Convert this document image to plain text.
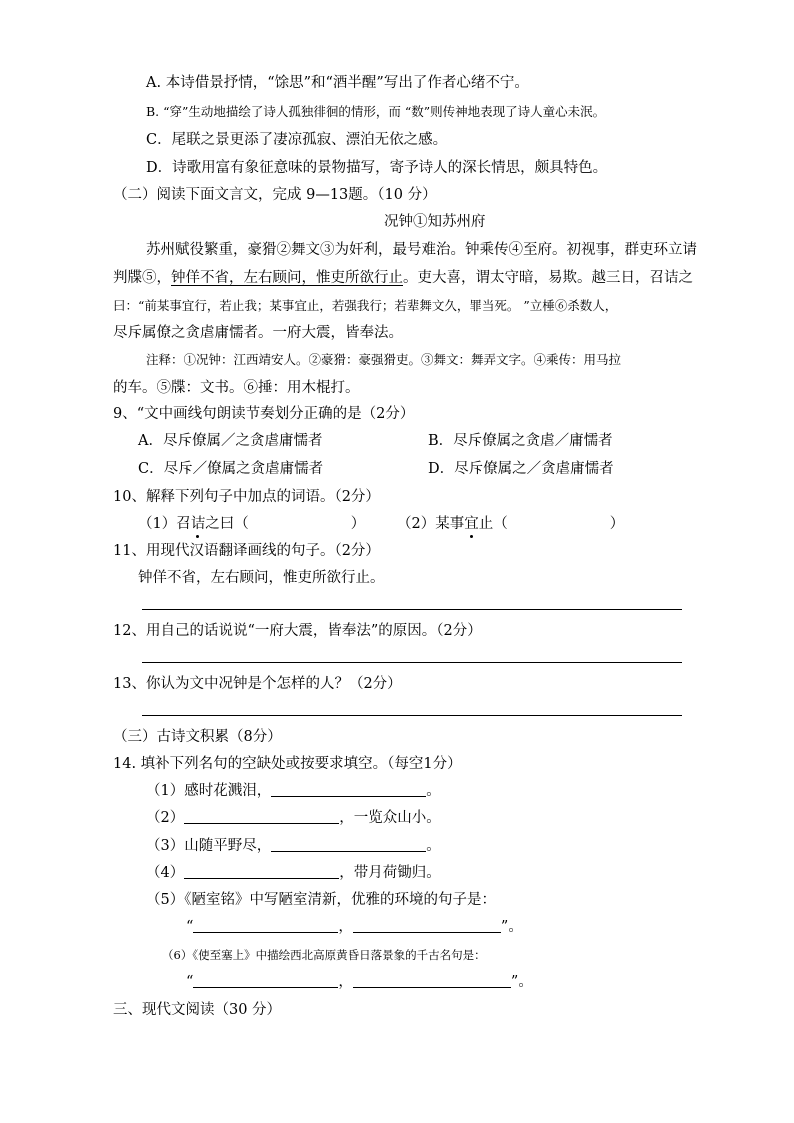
A. 本诗借景抒情，“馀思”和“酒半醒”写出了作者心绪不宁。
B. “穿”生动地描绘了诗人孤独徘徊的情形，而 “数”则传神地表现了诗人童心未泯。
C．尾联之景更添了凄凉孤寂、漂泊无依之感。
D．诗歌用富有象征意味的景物描写，寄予诗人的深长情思，颇具特色。
（二）阅读下面文言文，完成 9—13题。（10 分）
况钟①知苏州府
苏州赋役繁重，豪猾②舞文③为奸利，最号难治。钟乘传④至府。初视事，群吏环立请
判牒⑤，钟佯不省，左右顾问，惟吏所欲行止。吏大喜，谓太守暗，易欺。越三日，召诘之
曰：“前某事宜行，若止我；某事宜止，若强我行；若辈舞文久，罪当死。 ”立棰⑥杀数人，
尽斥属僚之贪虐庸懦者。一府大震，皆奉法。
注释：①况钟：江西靖安人。②豪猾：豪强猾吏。③舞文：舞弄文字。④乘传：用马拉
的车。⑤牒：文书。⑥捶：用木棍打。
9、“文中画线句朗读节奏划分正确的是（2分）
A．尽斥僚属／之贪虐庸懦者	B．尽斥僚属之贪虐／庸懦者
C．尽斥／僚属之贪虐庸懦者	D．尽斥僚属之／贪虐庸懦者
10、解释下列句子中加点的词语。（2分）
（1）召诘之曰（	） （2）某事宜止（	）
11、用现代汉语翻译画线的句子。（2分）
钟佯不省，左右顾问，惟吏所欲行止。
12、用自己的话说说“一府大震，皆奉法”的原因。（2分）
13、你认为文中况钟是个怎样的人？（2分）
（三）古诗文积累（8分）
14. 填补下列名句的空缺处或按要求填空。（每空1分）
（1）感时花溅泪，	。
（2）	，一览众山小。
（3）山随平野尽，	。
（4）	，带月荷锄归。
（5）《陋室铭》中写陋室清新，优雅的环境的句子是：
“	，	”。
（6）《使至塞上》中描绘西北高原黄昏日落景象的千古名句是：
“	，	”。
三、现代文阅读（30 分）
